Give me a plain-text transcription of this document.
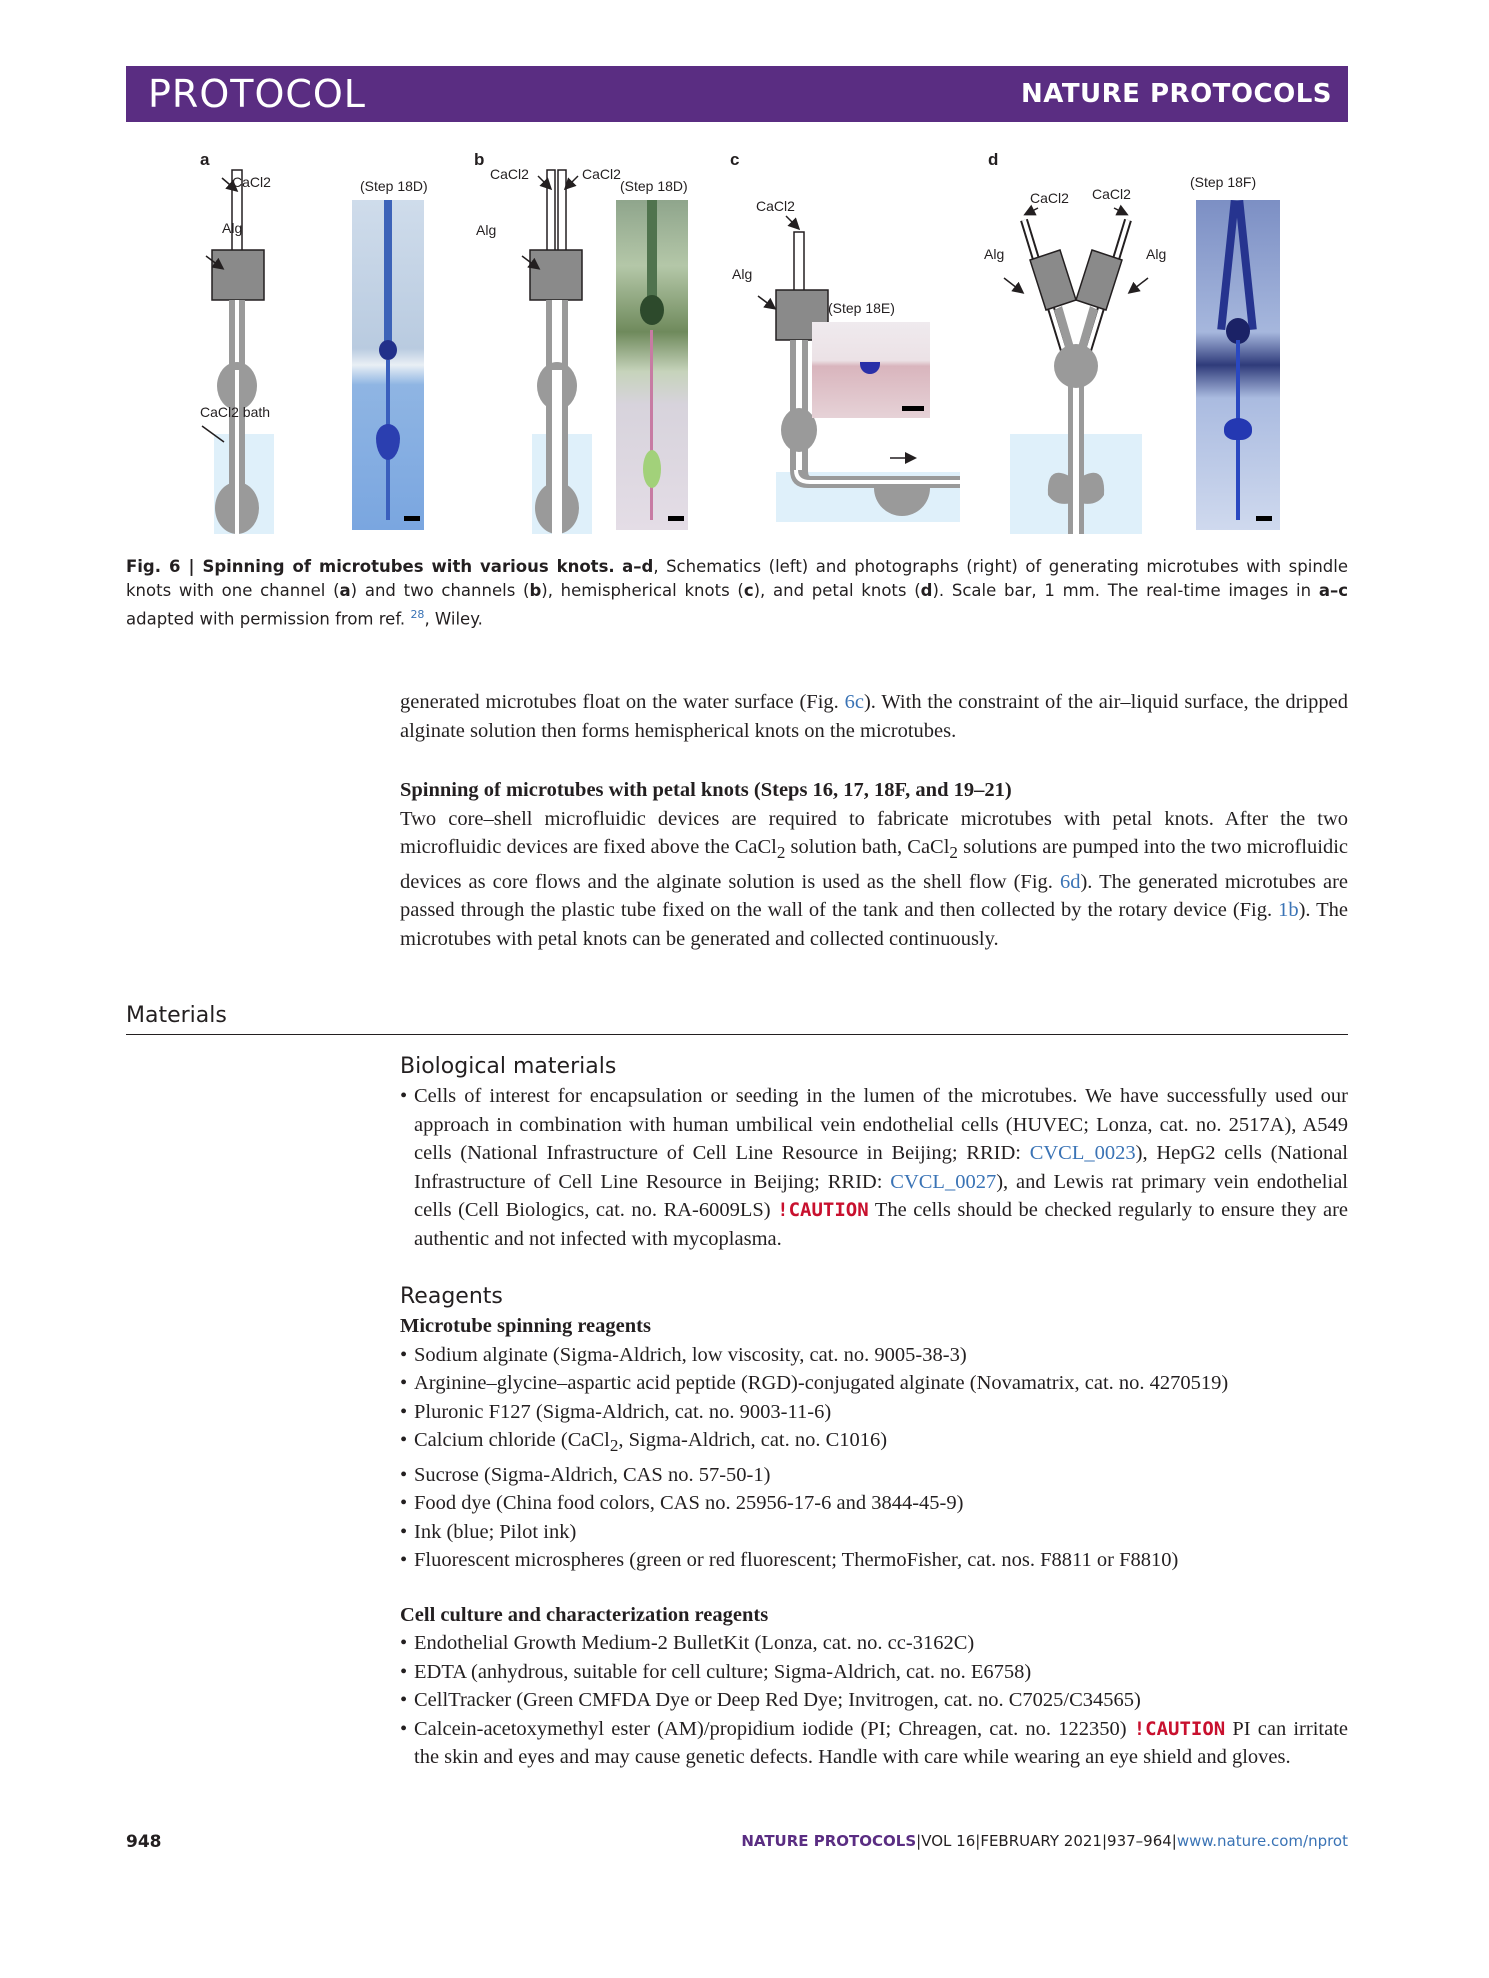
PROTOCOL	NATURE PROTOCOLS
a	b	c	d
CaCl2
Alg
(Step 18D)
CaCl2 bath
CaCl2	CaCl2
Alg
(Step 18D)
CaCl2
Alg
(Step 18E)
CaCl2 CaCl2
Alg	Alg
(Step 18F)
Fig. 6 | Spinning of microtubes with various knots. a–d, Schematics (left) and photographs (right) of generating microtubes with spindle knots with one channel (a) and two channels (b), hemispherical knots (c), and petal knots (d). Scale bar, 1 mm. The real-time images in a–c adapted with permission from ref. $^{28}$, Wiley.
generated microtubes float on the water surface (Fig. 6c). With the constraint of the air–liquid surface, the dripped alginate solution then forms hemispherical knots on the microtubes.
Spinning of microtubes with petal knots (Steps 16, 17, 18F, and 19–21)
Two core–shell microfluidic devices are required to fabricate microtubes with petal knots. After the two microfluidic devices are fixed above the CaCl$_2$ solution bath, CaCl$_2$ solutions are pumped into the two microfluidic devices as core flows and the alginate solution is used as the shell flow (Fig. 6d). The generated microtubes are passed through the plastic tube fixed on the wall of the tank and then collected by the rotary device (Fig. 1b). The microtubes with petal knots can be generated and collected continuously.
Materials
Biological materials
• Cells of interest for encapsulation or seeding in the lumen of the microtubes. We have successfully used our approach in combination with human umbilical vein endothelial cells (HUVEC; Lonza, cat. no. 2517A), A549 cells (National Infrastructure of Cell Line Resource in Beijing; RRID: CVCL_0023), HepG2 cells (National Infrastructure of Cell Line Resource in Beijing; RRID: CVCL_0027), and Lewis rat primary vein endothelial cells (Cell Biologics, cat. no. RA-6009LS) !CAUTION The cells should be checked regularly to ensure they are authentic and not infected with mycoplasma.
Reagents
Microtube spinning reagents
• Sodium alginate (Sigma-Aldrich, low viscosity, cat. no. 9005-38-3)
• Arginine–glycine–aspartic acid peptide (RGD)-conjugated alginate (Novamatrix, cat. no. 4270519)
• Pluronic F127 (Sigma-Aldrich, cat. no. 9003-11-6)
• Calcium chloride (CaCl$_2$, Sigma-Aldrich, cat. no. C1016)
• Sucrose (Sigma-Aldrich, CAS no. 57-50-1)
• Food dye (China food colors, CAS no. 25956-17-6 and 3844-45-9)
• Ink (blue; Pilot ink)
• Fluorescent microspheres (green or red fluorescent; ThermoFisher, cat. nos. F8811 or F8810)
Cell culture and characterization reagents
• Endothelial Growth Medium-2 BulletKit (Lonza, cat. no. cc-3162C)
• EDTA (anhydrous, suitable for cell culture; Sigma-Aldrich, cat. no. E6758)
• CellTracker (Green CMFDA Dye or Deep Red Dye; Invitrogen, cat. no. C7025/C34565)
• Calcein-acetoxymethyl ester (AM)/propidium iodide (PI; Chreagen, cat. no. 122350) !CAUTION PI can irritate the skin and eyes and may cause genetic defects. Handle with care while wearing an eye shield and gloves.
948	NATURE PROTOCOLS|VOL 16|FEBRUARY 2021|937–964|www.nature.com/nprot
